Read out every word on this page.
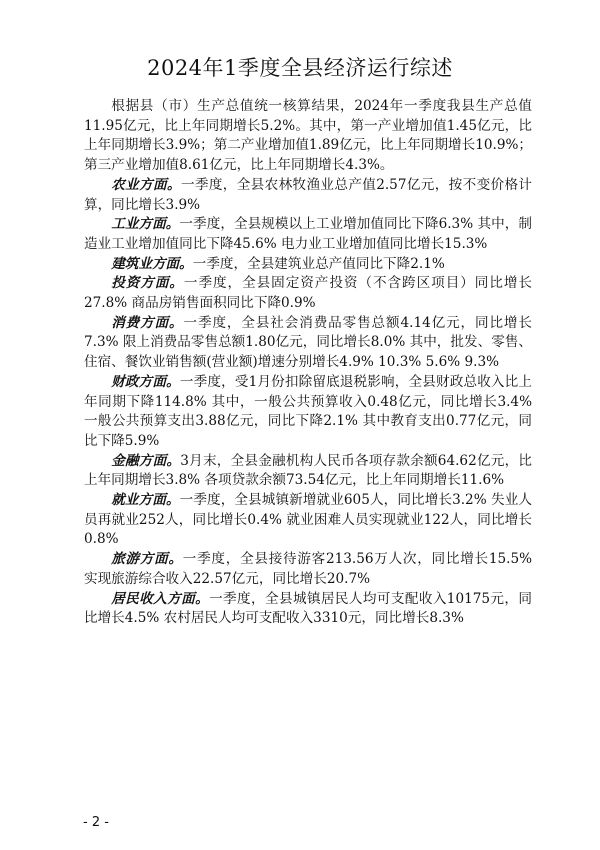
2024年1季度全县经济运行综述

根据县（市）生产总值统一核算结果，2024年一季度我县生产总值11.95亿元，比上年同期增长5.2%。其中，第一产业增加值1.45亿元，比上年同期增长3.9%；第二产业增加值1.89亿元，比上年同期增长10.9%；第三产业增加值8.61亿元，比上年同期增长4.3%。

农业方面。一季度，全县农林牧渔业总产值2.57亿元，按不变价格计算，同比增长3.9%

工业方面。一季度，全县规模以上工业增加值同比下降6.3% 其中，制造业工业增加值同比下降45.6% 电力业工业增加值同比增长15.3%

建筑业方面。一季度，全县建筑业总产值同比下降2.1%

投资方面。一季度，全县固定资产投资（不含跨区项目）同比增长27.8% 商品房销售面积同比下降0.9%

消费方面。一季度，全县社会消费品零售总额4.14亿元，同比增长7.3% 限上消费品零售总额1.80亿元，同比增长8.0% 其中，批发、零售、住宿、餐饮业销售额(营业额)增速分别增长4.9% 10.3% 5.6% 9.3%

财政方面。一季度，受1月份扣除留底退税影响，全县财政总收入比上年同期下降114.8% 其中，一般公共预算收入0.48亿元，同比增长3.4% 一般公共预算支出3.88亿元，同比下降2.1% 其中教育支出0.77亿元，同比下降5.9%

金融方面。3月末，全县金融机构人民币各项存款余额64.62亿元，比上年同期增长3.8% 各项贷款余额73.54亿元，比上年同期增长11.6%

就业方面。一季度，全县城镇新增就业605人，同比增长3.2% 失业人员再就业252人，同比增长0.4% 就业困难人员实现就业122人，同比增长0.8%

旅游方面。一季度，全县接待游客213.56万人次，同比增长15.5% 实现旅游综合收入22.57亿元，同比增长20.7%

居民收入方面。一季度，全县城镇居民人均可支配收入10175元，同比增长4.5% 农村居民人均可支配收入3310元，同比增长8.3%

- 2 -
